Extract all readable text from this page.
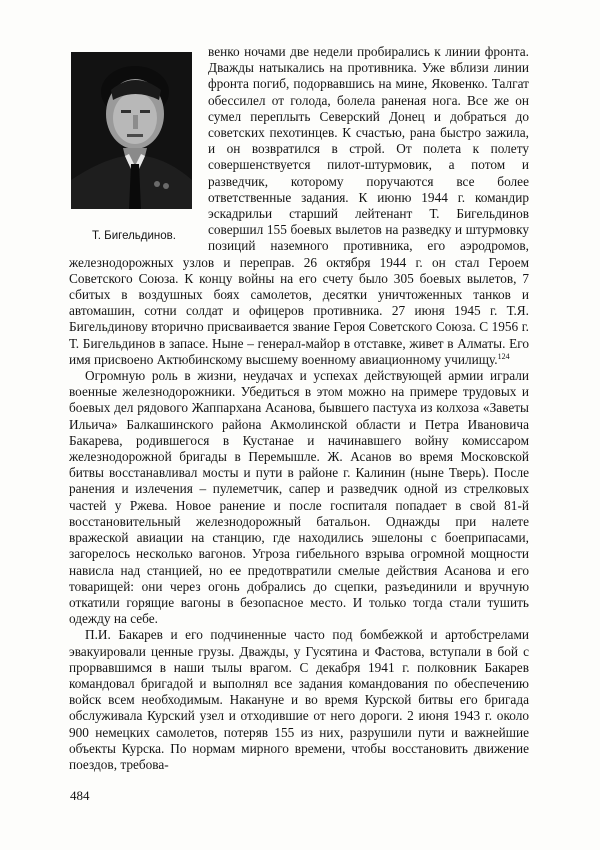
Т. Бигельдинов.

венко ночами две недели пробирались к линии фронта. Дважды натыкались на противника. Уже вблизи линии фронта погиб, подорвавшись на мине, Яковенко. Талгат обессилел от голода, болела раненая нога. Все же он сумел переплыть Северский Донец и добраться до советских пехотинцев. К счастью, рана быстро зажила, и он возвратился в строй. От полета к полету совершенствуется пилот-штурмовик, а потом и разведчик, которому поручаются все более ответственные задания. К июню 1944 г. командир эскадрильи старший лейтенант Т. Бигельдинов совершил 155 боевых вылетов на разведку и штурмовку позиций наземного противника, его аэродромов, железнодорожных узлов и переправ. 26 октября 1944 г. он стал Героем Советского Союза. К концу войны на его счету было 305 боевых вылетов, 7 сбитых в воздушных боях самолетов, десятки уничтоженных танков и автомашин, сотни солдат и офицеров противника. 27 июня 1945 г. Т.Я. Бигельдинову вторично присваивается звание Героя Советского Союза. С 1956 г. Т. Бигельдинов в запасе. Ныне – генерал-майор в отставке, живет в Алматы. Его имя присвоено Актюбинскому высшему военному авиационному училищу.$^{124}$

Огромную роль в жизни, неудачах и успехах действующей армии играли военные железнодорожники. Убедиться в этом можно на примере трудовых и боевых дел рядового Жаппархана Асанова, бывшего пастуха из колхоза «Заветы Ильича» Балкашинского района Акмолинской области и Петра Ивановича Бакарева, родившегося в Кустанае и начинавшего войну комиссаром железнодорожной бригады в Перемышле. Ж. Асанов во время Московской битвы восстанавливал мосты и пути в районе г. Калинин (ныне Тверь). После ранения и излечения – пулеметчик, сапер и разведчик одной из стрелковых частей у Ржева. Новое ранение и после госпиталя попадает в свой 81-й восстановительный железнодорожный батальон. Однажды при налете вражеской авиации на станцию, где находились эшелоны с боеприпасами, загорелось несколько вагонов. Угроза гибельного взрыва огромной мощности нависла над станцией, но ее предотвратили смелые действия Асанова и его товарищей: они через огонь добрались до сцепки, разъединили и вручную откатили горящие вагоны в безопасное место. И только тогда стали тушить одежду на себе.

П.И. Бакарев и его подчиненные часто под бомбежкой и артобстрелами эвакуировали ценные грузы. Дважды, у Гусятина и Фастова, вступали в бой с прорвавшимся в наши тылы врагом. С декабря 1941 г. полковник Бакарев командовал бригадой и выполнял все задания командования по обеспечению войск всем необходимым. Накануне и во время Курской битвы его бригада обслуживала Курский узел и отходившие от него дороги. 2 июня 1943 г. около 900 немецких самолетов, потеряв 155 из них, разрушили пути и важнейшие объекты Курска. По нормам мирного времени, чтобы восстановить движение поездов, требова-

484
